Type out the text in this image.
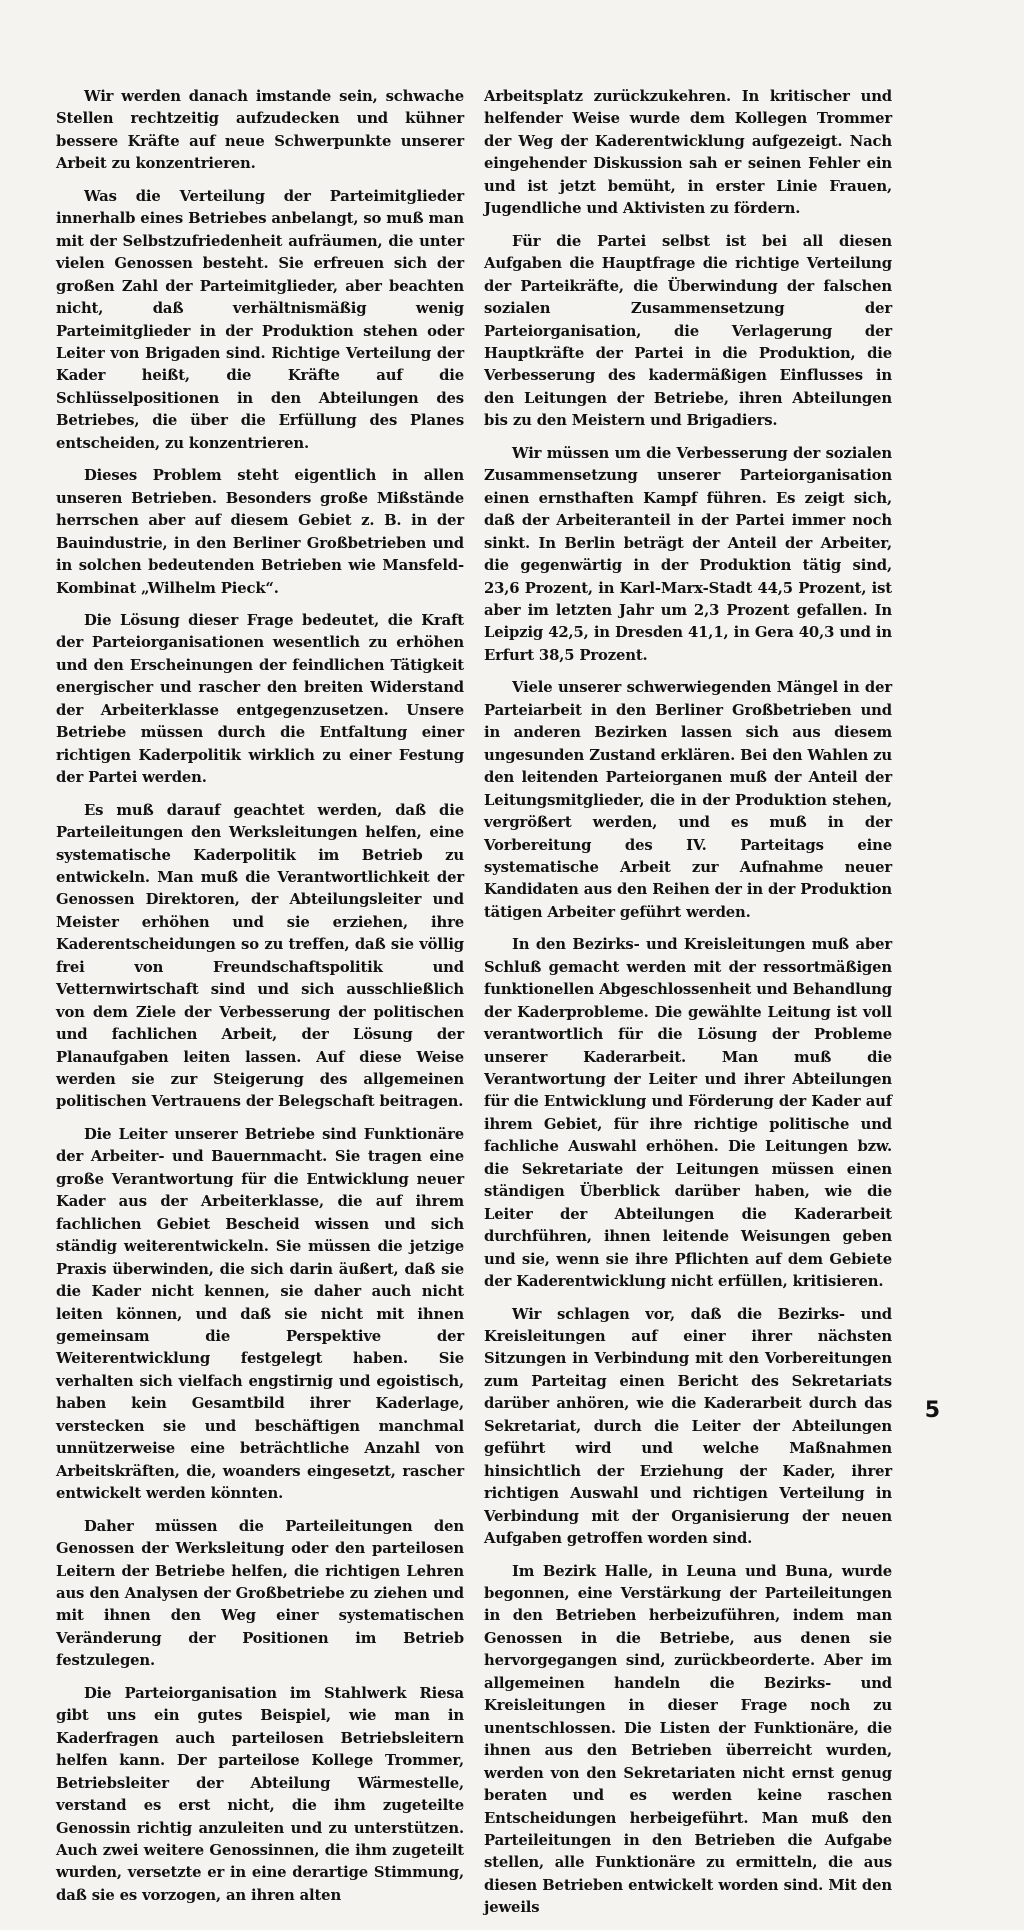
Wir werden danach imstande sein, schwache Stellen rechtzeitig aufzudecken und kühner bessere Kräfte auf neue Schwerpunkte unserer Arbeit zu konzentrieren.

Was die Verteilung der Parteimitglieder innerhalb eines Betriebes anbelangt, so muß man mit der Selbstzufriedenheit aufräumen, die unter vielen Genossen besteht. Sie erfreuen sich der großen Zahl der Parteimitglieder, aber beachten nicht, daß verhältnismäßig wenig Parteimitglieder in der Produktion stehen oder Leiter von Brigaden sind. Richtige Verteilung der Kader heißt, die Kräfte auf die Schlüsselpositionen in den Abteilungen des Betriebes, die über die Erfüllung des Planes entscheiden, zu konzentrieren.

Dieses Problem steht eigentlich in allen unseren Betrieben. Besonders große Mißstände herrschen aber auf diesem Gebiet z. B. in der Bauindustrie, in den Berliner Großbetrieben und in solchen bedeutenden Betrieben wie Mansfeld-Kombinat „Wilhelm Pieck“.

Die Lösung dieser Frage bedeutet, die Kraft der Parteiorganisationen wesentlich zu erhöhen und den Erscheinungen der feindlichen Tätigkeit energischer und rascher den breiten Widerstand der Arbeiterklasse entgegenzusetzen. Unsere Betriebe müssen durch die Entfaltung einer richtigen Kaderpolitik wirklich zu einer Festung der Partei werden.

Es muß darauf geachtet werden, daß die Parteileitungen den Werksleitungen helfen, eine systematische Kaderpolitik im Betrieb zu entwickeln. Man muß die Verantwortlichkeit der Genossen Direktoren, der Abteilungsleiter und Meister erhöhen und sie erziehen, ihre Kaderentscheidungen so zu treffen, daß sie völlig frei von Freundschaftspolitik und Vetternwirtschaft sind und sich ausschließlich von dem Ziele der Verbesserung der politischen und fachlichen Arbeit, der Lösung der Planaufgaben leiten lassen. Auf diese Weise werden sie zur Steigerung des allgemeinen politischen Vertrauens der Belegschaft beitragen.

Die Leiter unserer Betriebe sind Funktionäre der Arbeiter- und Bauernmacht. Sie tragen eine große Verantwortung für die Entwicklung neuer Kader aus der Arbeiterklasse, die auf ihrem fachlichen Gebiet Bescheid wissen und sich ständig weiterentwickeln. Sie müssen die jetzige Praxis überwinden, die sich darin äußert, daß sie die Kader nicht kennen, sie daher auch nicht leiten können, und daß sie nicht mit ihnen gemeinsam die Perspektive der Weiterentwicklung festgelegt haben. Sie verhalten sich vielfach engstirnig und egoistisch, haben kein Gesamtbild ihrer Kaderlage, verstecken sie und beschäftigen manchmal unnützerweise eine beträchtliche Anzahl von Arbeitskräften, die, woanders eingesetzt, rascher entwickelt werden könnten.

Daher müssen die Parteileitungen den Genossen der Werksleitung oder den parteilosen Leitern der Betriebe helfen, die richtigen Lehren aus den Analysen der Großbetriebe zu ziehen und mit ihnen den Weg einer systematischen Veränderung der Positionen im Betrieb festzulegen.

Die Parteiorganisation im Stahlwerk Riesa gibt uns ein gutes Beispiel, wie man in Kaderfragen auch parteilosen Betriebsleitern helfen kann. Der parteilose Kollege Trommer, Betriebsleiter der Abteilung Wärmestelle, verstand es erst nicht, die ihm zugeteilte Genossin richtig anzuleiten und zu unterstützen. Auch zwei weitere Genossinnen, die ihm zugeteilt wurden, versetzte er in eine derartige Stimmung, daß sie es vorzogen, an ihren alten

Arbeitsplatz zurückzukehren. In kritischer und helfender Weise wurde dem Kollegen Trommer der Weg der Kaderentwicklung aufgezeigt. Nach eingehender Diskussion sah er seinen Fehler ein und ist jetzt bemüht, in erster Linie Frauen, Jugendliche und Aktivisten zu fördern.

Für die Partei selbst ist bei all diesen Aufgaben die Hauptfrage die richtige Verteilung der Parteikräfte, die Überwindung der falschen sozialen Zusammensetzung der Parteiorganisation, die Verlagerung der Hauptkräfte der Partei in die Produktion, die Verbesserung des kadermäßigen Einflusses in den Leitungen der Betriebe, ihren Abteilungen bis zu den Meistern und Brigadiers.

Wir müssen um die Verbesserung der sozialen Zusammensetzung unserer Parteiorganisation einen ernsthaften Kampf führen. Es zeigt sich, daß der Arbeiteranteil in der Partei immer noch sinkt. In Berlin beträgt der Anteil der Arbeiter, die gegenwärtig in der Produktion tätig sind, 23,6 Prozent, in Karl-Marx-Stadt 44,5 Prozent, ist aber im letzten Jahr um 2,3 Prozent gefallen. In Leipzig 42,5, in Dresden 41,1, in Gera 40,3 und in Erfurt 38,5 Prozent.

Viele unserer schwerwiegenden Mängel in der Parteiarbeit in den Berliner Großbetrieben und in anderen Bezirken lassen sich aus diesem ungesunden Zustand erklären. Bei den Wahlen zu den leitenden Parteiorganen muß der Anteil der Leitungsmitglieder, die in der Produktion stehen, vergrößert werden, und es muß in der Vorbereitung des IV. Parteitags eine systematische Arbeit zur Aufnahme neuer Kandidaten aus den Reihen der in der Produktion tätigen Arbeiter geführt werden.

In den Bezirks- und Kreisleitungen muß aber Schluß gemacht werden mit der ressortmäßigen funktionellen Abgeschlossenheit und Behandlung der Kaderprobleme. Die gewählte Leitung ist voll verantwortlich für die Lösung der Probleme unserer Kaderarbeit. Man muß die Verantwortung der Leiter und ihrer Abteilungen für die Entwicklung und Förderung der Kader auf ihrem Gebiet, für ihre richtige politische und fachliche Auswahl erhöhen. Die Leitungen bzw. die Sekretariate der Leitungen müssen einen ständigen Überblick darüber haben, wie die Leiter der Abteilungen die Kaderarbeit durchführen, ihnen leitende Weisungen geben und sie, wenn sie ihre Pflichten auf dem Gebiete der Kaderentwicklung nicht erfüllen, kritisieren.

Wir schlagen vor, daß die Bezirks- und Kreisleitungen auf einer ihrer nächsten Sitzungen in Verbindung mit den Vorbereitungen zum Parteitag einen Bericht des Sekretariats darüber anhören, wie die Kaderarbeit durch das Sekretariat, durch die Leiter der Abteilungen geführt wird und welche Maßnahmen hinsichtlich der Erziehung der Kader, ihrer richtigen Auswahl und richtigen Verteilung in Verbindung mit der Organisierung der neuen Aufgaben getroffen worden sind.

Im Bezirk Halle, in Leuna und Buna, wurde begonnen, eine Verstärkung der Parteileitungen in den Betrieben herbeizuführen, indem man Genossen in die Betriebe, aus denen sie hervorgegangen sind, zurückbeorderte. Aber im allgemeinen handeln die Bezirks- und Kreisleitungen in dieser Frage noch zu unentschlossen. Die Listen der Funktionäre, die ihnen aus den Betrieben überreicht wurden, werden von den Sekretariaten nicht ernst genug beraten und es werden keine raschen Entscheidungen herbeigeführt. Man muß den Parteileitungen in den Betrieben die Aufgabe stellen, alle Funktionäre zu ermitteln, die aus diesen Betrieben entwickelt worden sind. Mit den jeweils

5
